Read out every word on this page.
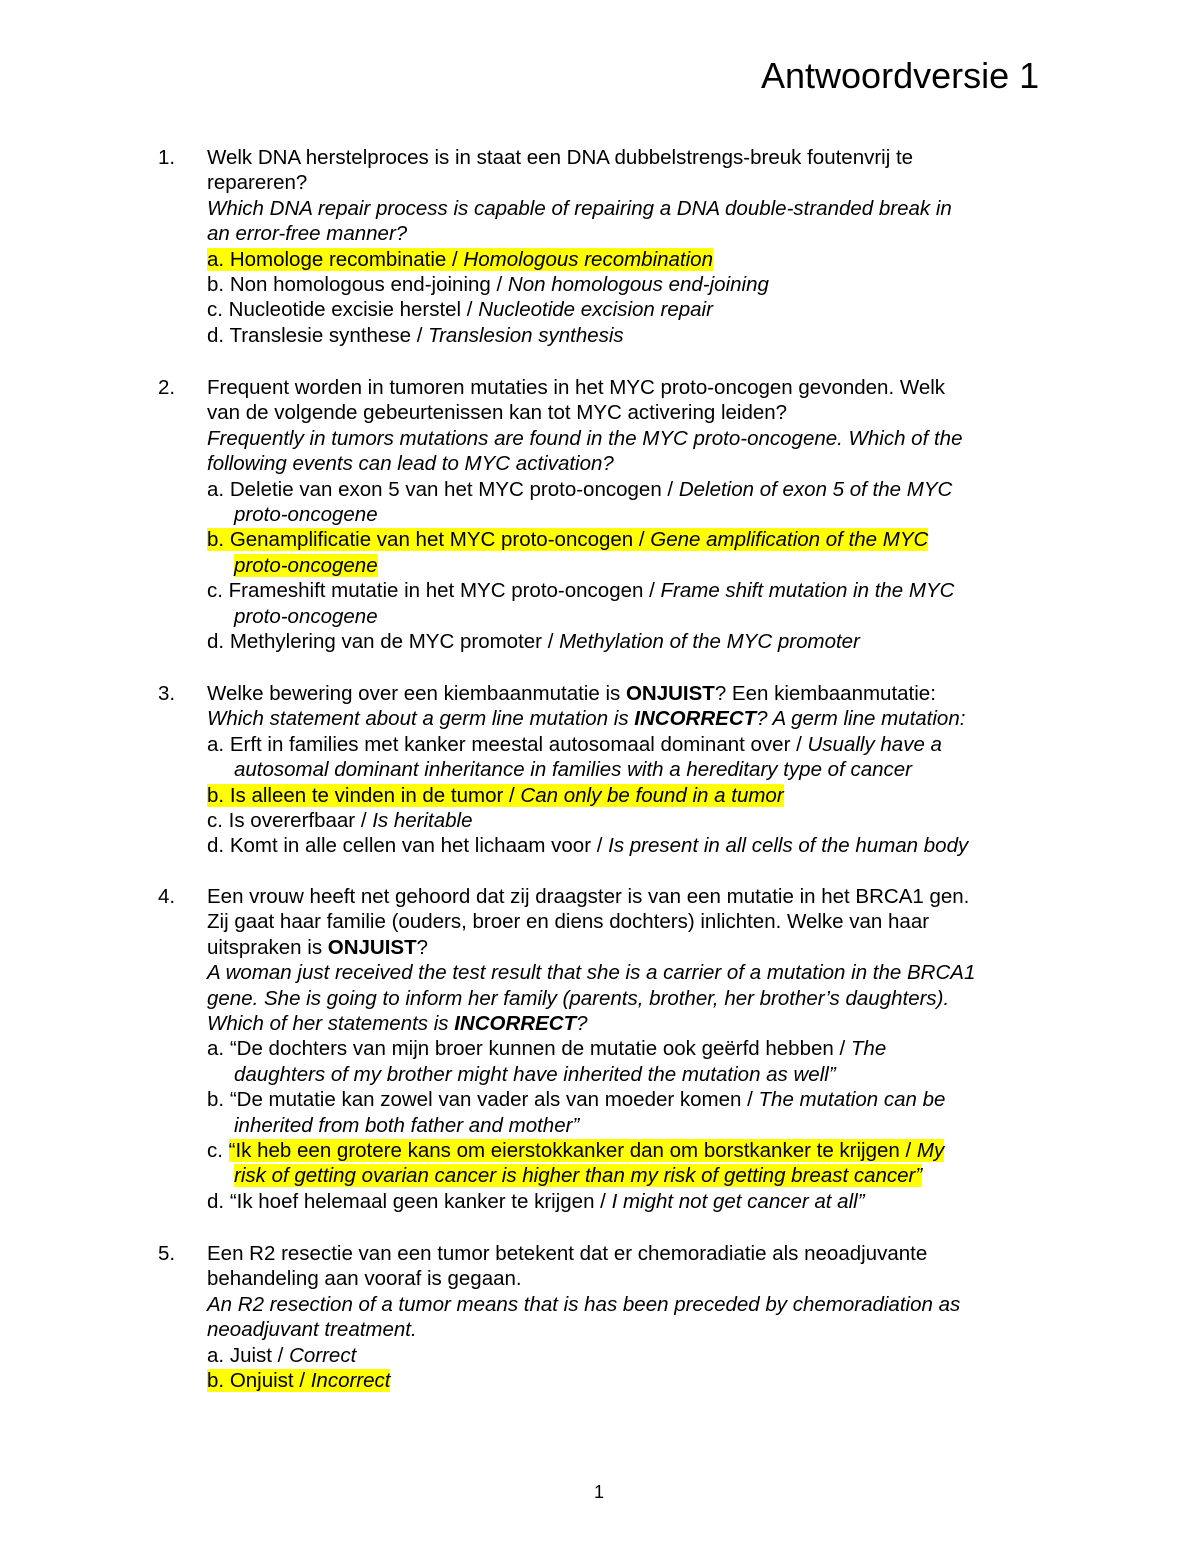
Antwoordversie 1
1. Welk DNA herstelproces is in staat een DNA dubbelstrengs-breuk foutenvrij te
repareren?
Which DNA repair process is capable of repairing a DNA double-stranded break in
an error-free manner?
a. Homologe recombinatie / Homologous recombination
b. Non homologous end-joining / Non homologous end-joining
c. Nucleotide excisie herstel / Nucleotide excision repair
d. Translesie synthese / Translesion synthesis
2. Frequent worden in tumoren mutaties in het MYC proto-oncogen gevonden. Welk
van de volgende gebeurtenissen kan tot MYC activering leiden?
Frequently in tumors mutations are found in the MYC proto-oncogene. Which of the
following events can lead to MYC activation?
a. Deletie van exon 5 van het MYC proto-oncogen / Deletion of exon 5 of the MYC
proto-oncogene
b. Genamplificatie van het MYC proto-oncogen / Gene amplification of the MYC
proto-oncogene
c. Frameshift mutatie in het MYC proto-oncogen / Frame shift mutation in the MYC
proto-oncogene
d. Methylering van de MYC promoter / Methylation of the MYC promoter
3. Welke bewering over een kiembaanmutatie is ONJUIST? Een kiembaanmutatie:
Which statement about a germ line mutation is INCORRECT? A germ line mutation:
a. Erft in families met kanker meestal autosomaal dominant over / Usually have a
autosomal dominant inheritance in families with a hereditary type of cancer
b. Is alleen te vinden in de tumor / Can only be found in a tumor
c. Is overerfbaar / Is heritable
d. Komt in alle cellen van het lichaam voor / Is present in all cells of the human body
4. Een vrouw heeft net gehoord dat zij draagster is van een mutatie in het BRCA1 gen.
Zij gaat haar familie (ouders, broer en diens dochters) inlichten. Welke van haar
uitspraken is ONJUIST?
A woman just received the test result that she is a carrier of a mutation in the BRCA1
gene. She is going to inform her family (parents, brother, her brother’s daughters).
Which of her statements is INCORRECT?
a. “De dochters van mijn broer kunnen de mutatie ook geërfd hebben / The
daughters of my brother might have inherited the mutation as well”
b. “De mutatie kan zowel van vader als van moeder komen / The mutation can be
inherited from both father and mother”
c. “Ik heb een grotere kans om eierstokkanker dan om borstkanker te krijgen / My
risk of getting ovarian cancer is higher than my risk of getting breast cancer”
d. “Ik hoef helemaal geen kanker te krijgen / I might not get cancer at all”
5. Een R2 resectie van een tumor betekent dat er chemoradiatie als neoadjuvante
behandeling aan vooraf is gegaan.
An R2 resection of a tumor means that is has been preceded by chemoradiation as
neoadjuvant treatment.
a. Juist / Correct
b. Onjuist / Incorrect
1
